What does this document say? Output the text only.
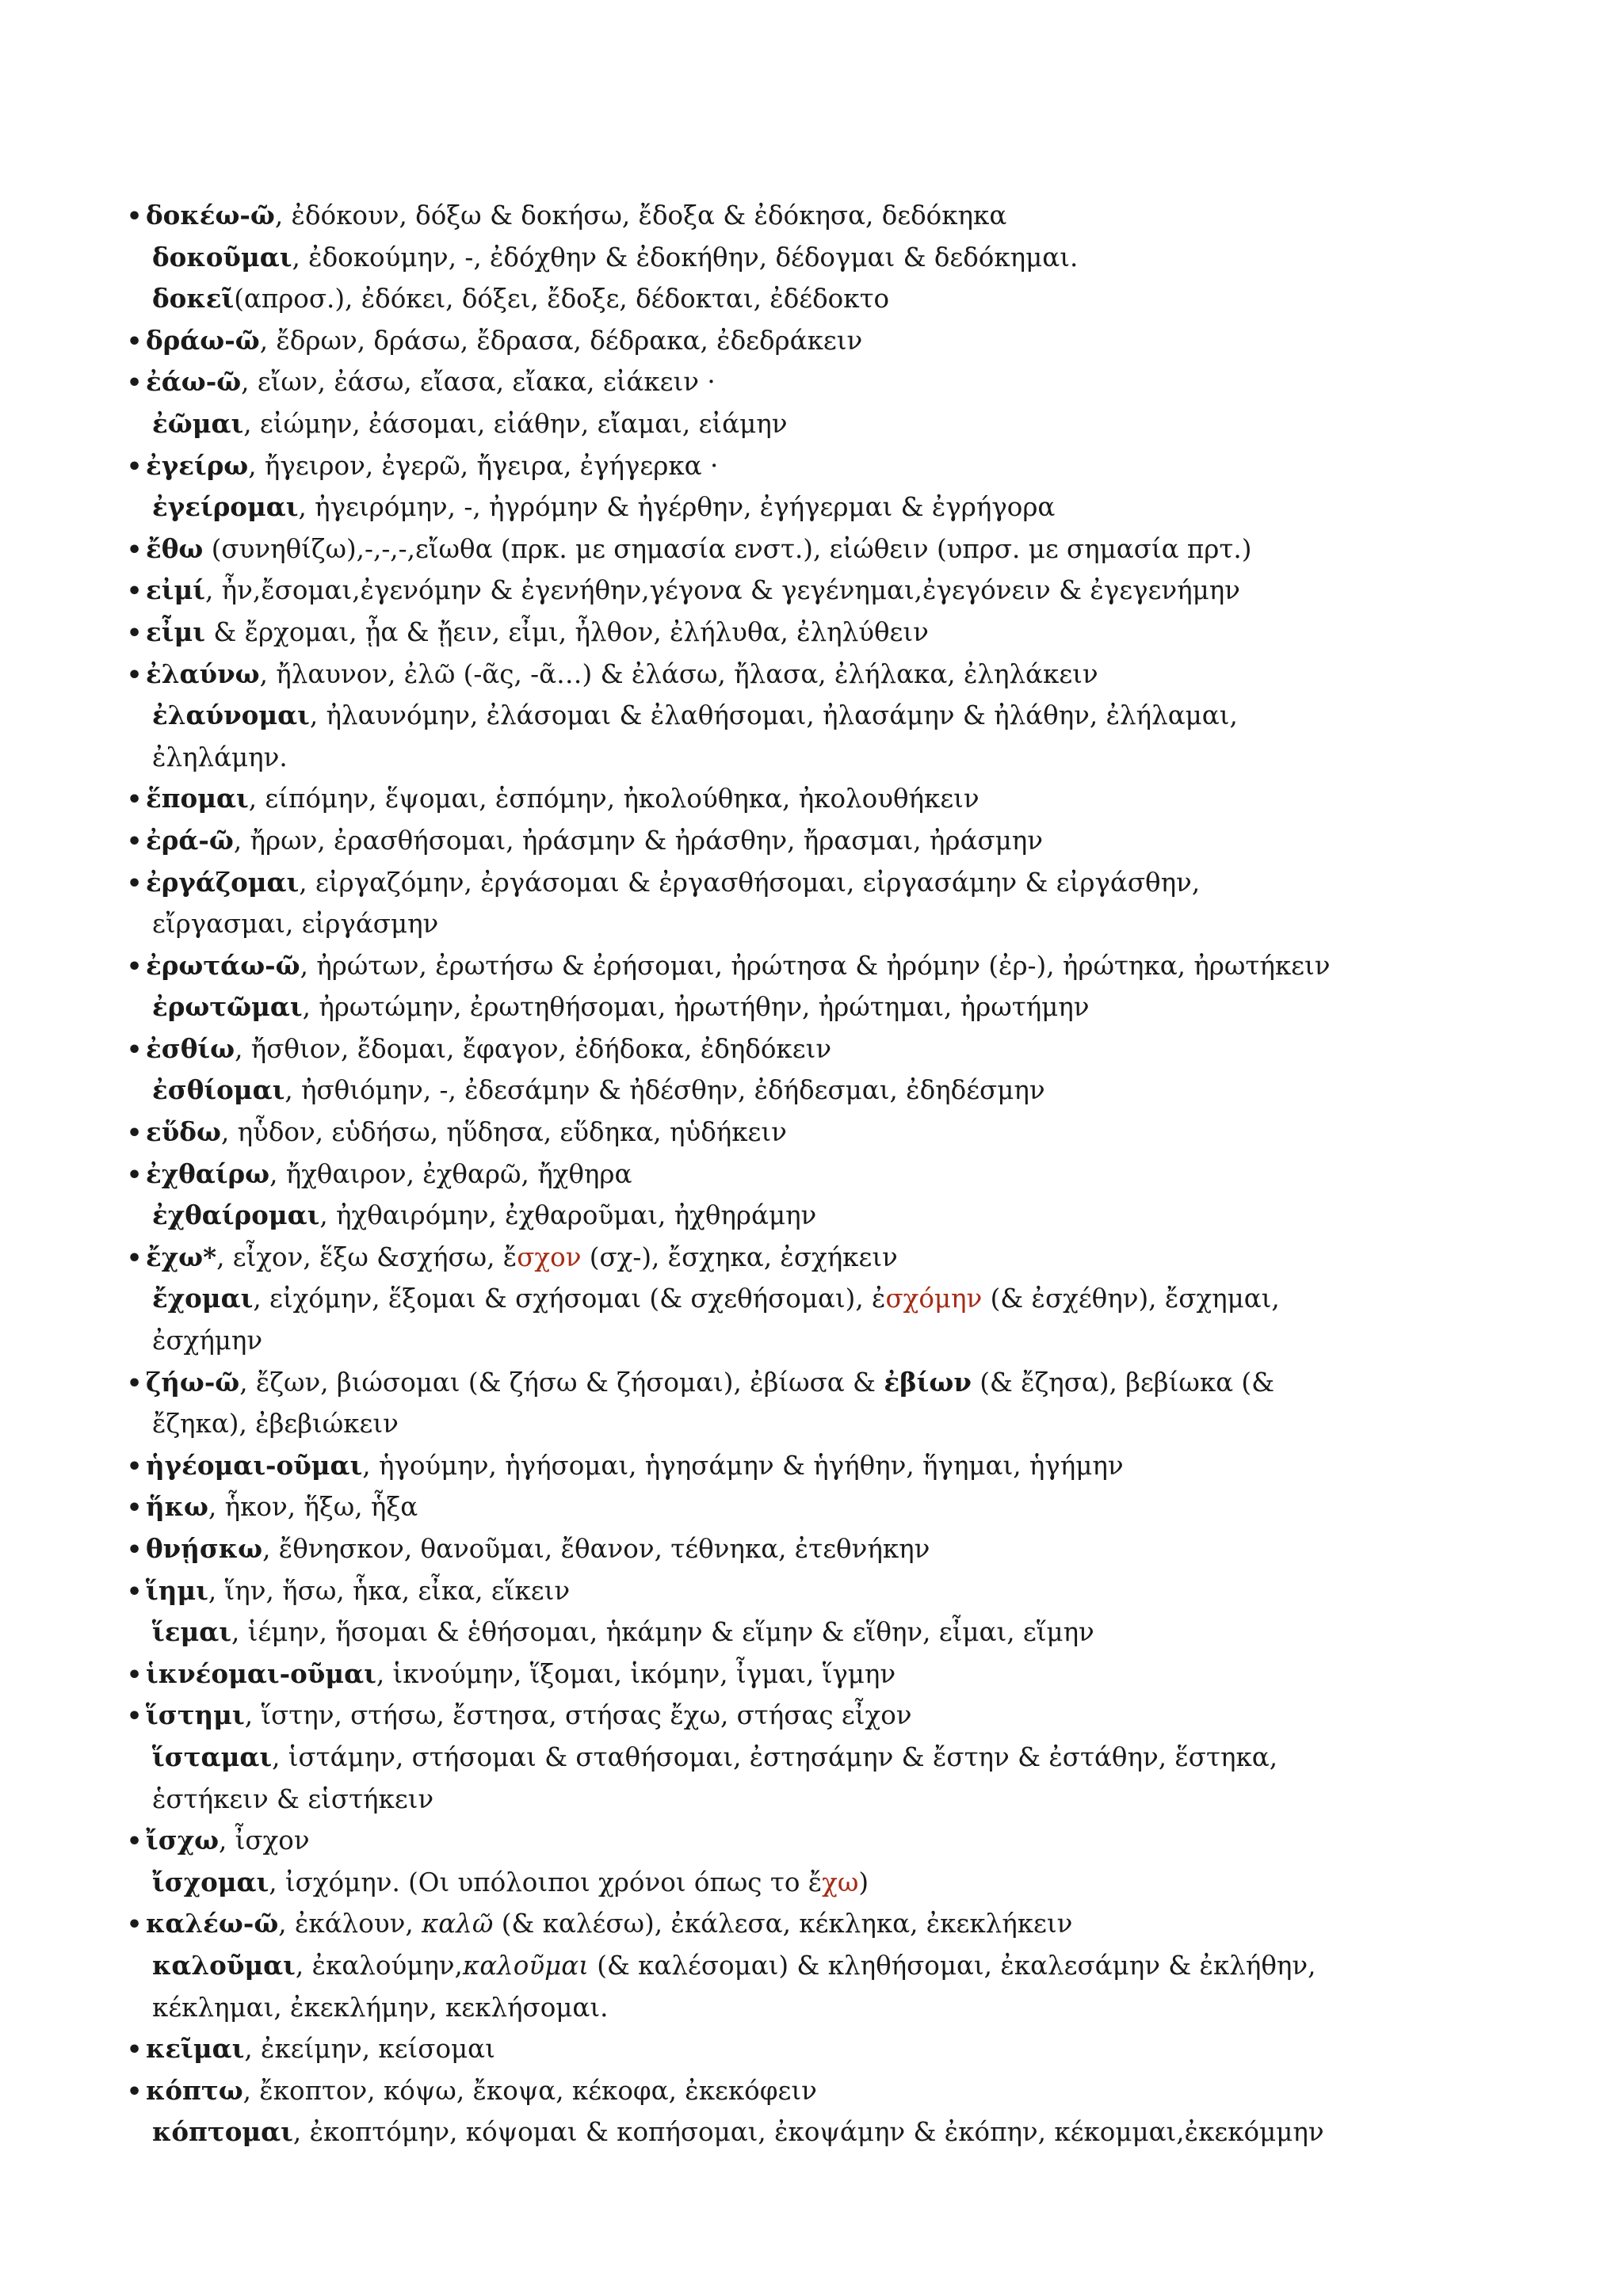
• δοκέω-ῶ, ἐδόκουν, δόξω & δοκήσω, ἔδοξα & ἐδόκησα, δεδόκηκα
δοκοῦμαι, ἐδοκούμην, -, ἐδόχθην & ἐδοκήθην, δέδογμαι & δεδόκημαι.
δοκεῖ(απροσ.), ἐδόκει, δόξει, ἔδοξε, δέδοκται, ἐδέδοκτο
• δράω-ῶ, ἔδρων, δράσω, ἔδρασα, δέδρακα, ἐδεδράκειν
• ἐάω-ῶ, εἴων, ἐάσω, εἴασα, εἴακα, εἰάκειν ·
ἐῶμαι, εἰώμην, ἐάσομαι, εἰάθην, εἴαμαι, εἰάμην
• ἐγείρω, ἤγειρον, ἐγερῶ, ἤγειρα, ἐγήγερκα ·
ἐγείρομαι, ἠγειρόμην, -, ἠγρόμην & ἠγέρθην, ἐγήγερμαι & ἐγρήγορα
• ἔθω (συνηθίζω),-,-,-,εἴωθα (πρκ. με σημασία ενστ.), εἰώθειν (υπρσ. με σημασία πρτ.)
• εἰμί, ἦν,ἔσομαι,ἐγενόμην & ἐγενήθην,γέγονα & γεγένημαι,ἐγεγόνειν & ἐγεγενήμην
• εἶμι & ἔρχομαι, ᾖα & ᾔειν, εἶμι, ἦλθον, ἐλήλυθα, ἐληλύθειν
• ἐλαύνω, ἤλαυνον, ἐλῶ (-ᾶς, -ᾶ…) & ἐλάσω, ἤλασα, ἐλήλακα, ἐληλάκειν
ἐλαύνομαι, ἠλαυνόμην, ἐλάσομαι & ἐλαθήσομαι, ἠλασάμην & ἠλάθην, ἐλήλαμαι,
ἐληλάμην.
• ἕπομαι, είπόμην, ἕψομαι, ἑσπόμην, ἠκολούθηκα, ἠκολουθήκειν
• ἐρά-ῶ, ἤρων, ἐρασθήσομαι, ἠράσμην & ἠράσθην, ἤρασμαι, ἠράσμην
• ἐργάζομαι, εἰργαζόμην, ἐργάσομαι & ἐργασθήσομαι, εἰργασάμην & εἰργάσθην,
εἴργασμαι, εἰργάσμην
• ἐρωτάω-ῶ, ἠρώτων, ἐρωτήσω & ἐρήσομαι, ἠρώτησα & ἠρόμην (ἐρ-), ἠρώτηκα, ἠρωτήκειν
ἐρωτῶμαι, ἠρωτώμην, ἐρωτηθήσομαι, ἠρωτήθην, ἠρώτημαι, ἠρωτήμην
• ἐσθίω, ἤσθιον, ἔδομαι, ἔφαγον, ἐδήδοκα, ἐδηδόκειν
ἐσθίομαι, ἠσθιόμην, -, ἐδεσάμην & ἠδέσθην, ἐδήδεσμαι, ἐδηδέσμην
• εὕδω, ηὗδον, εὑδήσω, ηὕδησα, εὕδηκα, ηὑδήκειν
• ἐχθαίρω, ἤχθαιρον, ἐχθαρῶ, ἤχθηρα
ἐχθαίρομαι, ἠχθαιρόμην, ἐχθαροῦμαι, ἠχθηράμην
• ἔχω*, εἶχον, ἕξω &σχήσω, ἔσχον (σχ-), ἔσχηκα, ἐσχήκειν
ἔχομαι, εἰχόμην, ἕξομαι & σχήσομαι (& σχεθήσομαι), ἐσχόμην (& ἐσχέθην), ἔσχημαι,
ἐσχήμην
• ζήω-ῶ, ἔζων, βιώσομαι (& ζήσω & ζήσομαι), ἐβίωσα & ἐβίων (& ἔζησα), βεβίωκα (&
ἔζηκα), ἐβεβιώκειν
• ἡγέομαι-οῦμαι, ἡγούμην, ἡγήσομαι, ἡγησάμην & ἡγήθην, ἥγημαι, ἡγήμην
• ἥκω, ἧκον, ἥξω, ἧξα
• θνῄσκω, ἔθνησκον, θανοῦμαι, ἔθανον, τέθνηκα, ἐτεθνήκην
• ἵημι, ἵην, ἥσω, ἧκα, εἶκα, εἵκειν
ἵεμαι, ἱέμην, ἥσομαι & ἑθήσομαι, ἡκάμην & εἵμην & εἵθην, εἶμαι, εἵμην
• ἱκνέομαι-οῦμαι, ἱκνούμην, ἵξομαι, ἱκόμην, ἶγμαι, ἵγμην
• ἵστημι, ἵστην, στήσω, ἔστησα, στήσας ἔχω, στήσας εἶχον
ἵσταμαι, ἱστάμην, στήσομαι & σταθήσομαι, ἐστησάμην & ἔστην & ἐστάθην, ἕστηκα,
ἑστήκειν & εἱστήκειν
• ἴσχω, ἶσχον
ἴσχομαι, ἰσχόμην. (Οι υπόλοιποι χρόνοι όπως το ἔχω)
• καλέω-ῶ, ἐκάλουν, καλῶ (& καλέσω), ἐκάλεσα, κέκληκα, ἐκεκλήκειν
καλοῦμαι, ἐκαλούμην,καλοῦμαι (& καλέσομαι) & κληθήσομαι, ἐκαλεσάμην & ἐκλήθην,
κέκλημαι, ἐκεκλήμην, κεκλήσομαι.
• κεῖμαι, ἐκείμην, κείσομαι
• κόπτω, ἔκοπτον, κόψω, ἔκοψα, κέκοφα, ἐκεκόφειν
κόπτομαι, ἐκοπτόμην, κόψομαι & κοπήσομαι, ἐκοψάμην & ἐκόπην, κέκομμαι,ἐκεκόμμην
